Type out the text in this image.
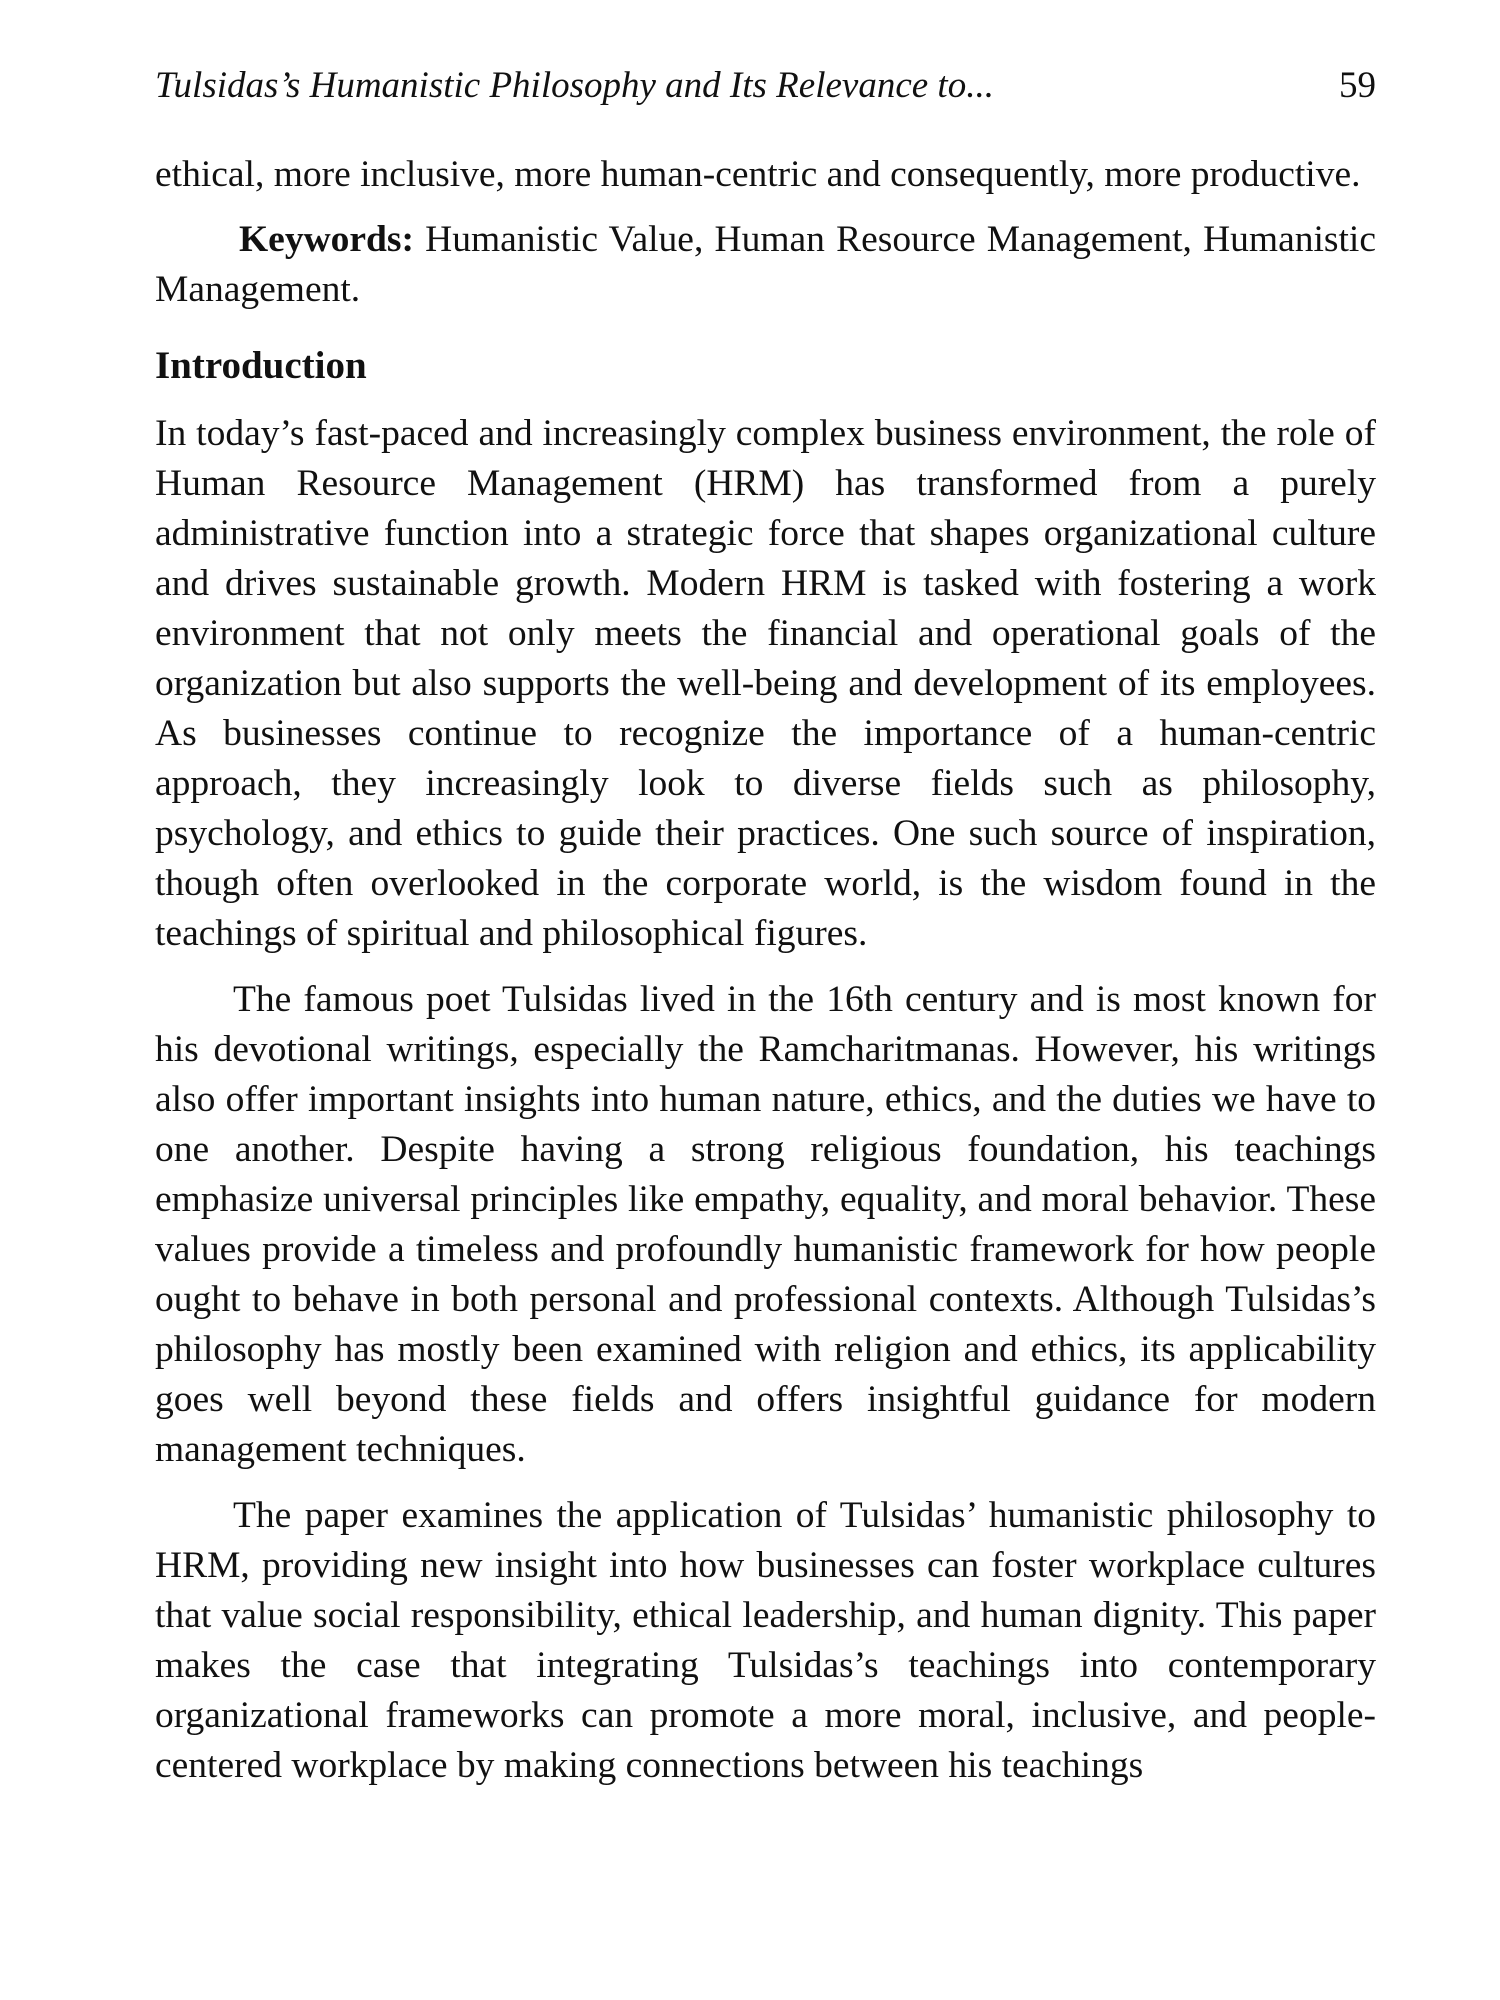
Tulsidas’s Humanistic Philosophy and Its Relevance to...	59

ethical, more inclusive, more human-centric and consequently, more productive.

Keywords: Humanistic Value, Human Resource Management, Humanistic Management.

Introduction

In today’s fast-paced and increasingly complex business environment, the role of Human Resource Management (HRM) has transformed from a purely administrative function into a strategic force that shapes organizational culture and drives sustainable growth. Modern HRM is tasked with fostering a work environment that not only meets the financial and operational goals of the organization but also supports the well-being and development of its employees. As businesses continue to recognize the importance of a human-centric approach, they increasingly look to diverse fields such as philosophy, psychology, and ethics to guide their practices. One such source of inspiration, though often overlooked in the corporate world, is the wisdom found in the teachings of spiritual and philosophical figures.

The famous poet Tulsidas lived in the 16th century and is most known for his devotional writings, especially the Ramcharitmanas. However, his writings also offer important insights into human nature, ethics, and the duties we have to one another. Despite having a strong religious foundation, his teachings emphasize universal principles like empathy, equality, and moral behavior. These values provide a timeless and profoundly humanistic framework for how people ought to behave in both personal and professional contexts. Although Tulsidas’s philosophy has mostly been examined with religion and ethics, its applicability goes well beyond these fields and offers insightful guidance for modern management techniques.

The paper examines the application of Tulsidas’ humanistic philosophy to HRM, providing new insight into how businesses can foster workplace cultures that value social responsibility, ethical leadership, and human dignity. This paper makes the case that integrating Tulsidas’s teachings into contemporary organizational frameworks can promote a more moral, inclusive, and people-centered workplace by making connections between his teachings
